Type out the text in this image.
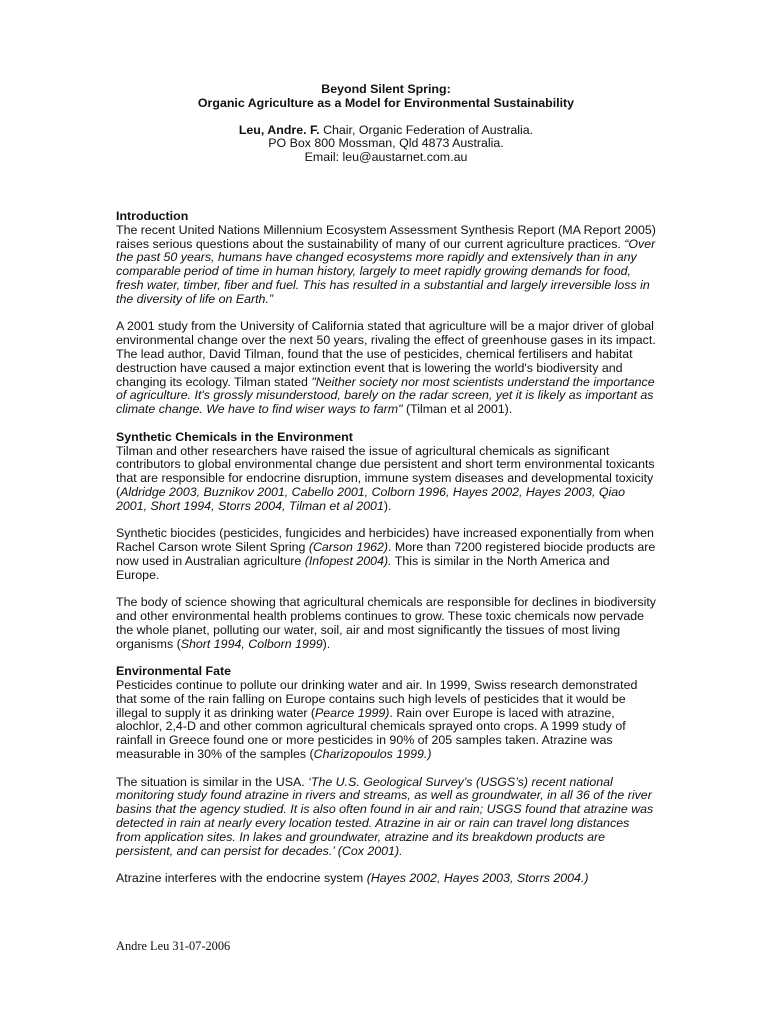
Beyond Silent Spring:
Organic Agriculture as a Model for Environmental Sustainability
Leu, Andre. F. Chair, Organic Federation of Australia.
PO Box 800 Mossman, Qld 4873 Australia.
Email: leu@austarnet.com.au
Introduction

The recent United Nations Millennium Ecosystem Assessment Synthesis Report (MA Report 2005) raises serious questions about the sustainability of many of our current agriculture practices. “Over the past 50 years, humans have changed ecosystems more rapidly and extensively than in any comparable period of time in human history, largely to meet rapidly growing demands for food, fresh water, timber, fiber and fuel. This has resulted in a substantial and largely irreversible loss in the diversity of life on Earth.”

A 2001 study from the University of California stated that agriculture will be a major driver of global environmental change over the next 50 years, rivaling the effect of greenhouse gases in its impact. The lead author, David Tilman, found that the use of pesticides, chemical fertilisers and habitat destruction have caused a major extinction event that is lowering the world's biodiversity and changing its ecology. Tilman stated "Neither society nor most scientists understand the importance of agriculture. It's grossly misunderstood, barely on the radar screen, yet it is likely as important as climate change. We have to find wiser ways to farm" (Tilman et al 2001).

Synthetic Chemicals in the Environment

Tilman and other researchers have raised the issue of agricultural chemicals as significant contributors to global environmental change due persistent and short term environmental toxicants that are responsible for endocrine disruption, immune system diseases and developmental toxicity (Aldridge 2003, Buznikov 2001, Cabello 2001, Colborn 1996, Hayes 2002, Hayes 2003, Qiao 2001, Short 1994, Storrs 2004, Tilman et al 2001).

Synthetic biocides (pesticides, fungicides and herbicides) have increased exponentially from when Rachel Carson wrote Silent Spring (Carson 1962). More than 7200 registered biocide products are now used in Australian agriculture (Infopest 2004). This is similar in the North America and Europe.

The body of science showing that agricultural chemicals are responsible for declines in biodiversity and other environmental health problems continues to grow. These toxic chemicals now pervade the whole planet, polluting our water, soil, air and most significantly the tissues of most living organisms (Short 1994, Colborn 1999).

Environmental Fate

Pesticides continue to pollute our drinking water and air. In 1999, Swiss research demonstrated that some of the rain falling on Europe contains such high levels of pesticides that it would be illegal to supply it as drinking water (Pearce 1999). Rain over Europe is laced with atrazine, alochlor, 2,4-D and other common agricultural chemicals sprayed onto crops. A 1999 study of rainfall in Greece found one or more pesticides in 90% of 205 samples taken. Atrazine was measurable in 30% of the samples (Charizopoulos 1999.)

The situation is similar in the USA. ‘The U.S. Geological Survey’s (USGS’s) recent national monitoring study found atrazine in rivers and streams, as well as groundwater, in all 36 of the river basins that the agency studied. It is also often found in air and rain; USGS found that atrazine was detected in rain at nearly every location tested. Atrazine in air or rain can travel long distances from application sites. In lakes and groundwater, atrazine and its breakdown products are persistent, and can persist for decades.’ (Cox 2001).

Atrazine interferes with the endocrine system (Hayes 2002, Hayes 2003, Storrs 2004.)

Andre Leu 31-07-2006
